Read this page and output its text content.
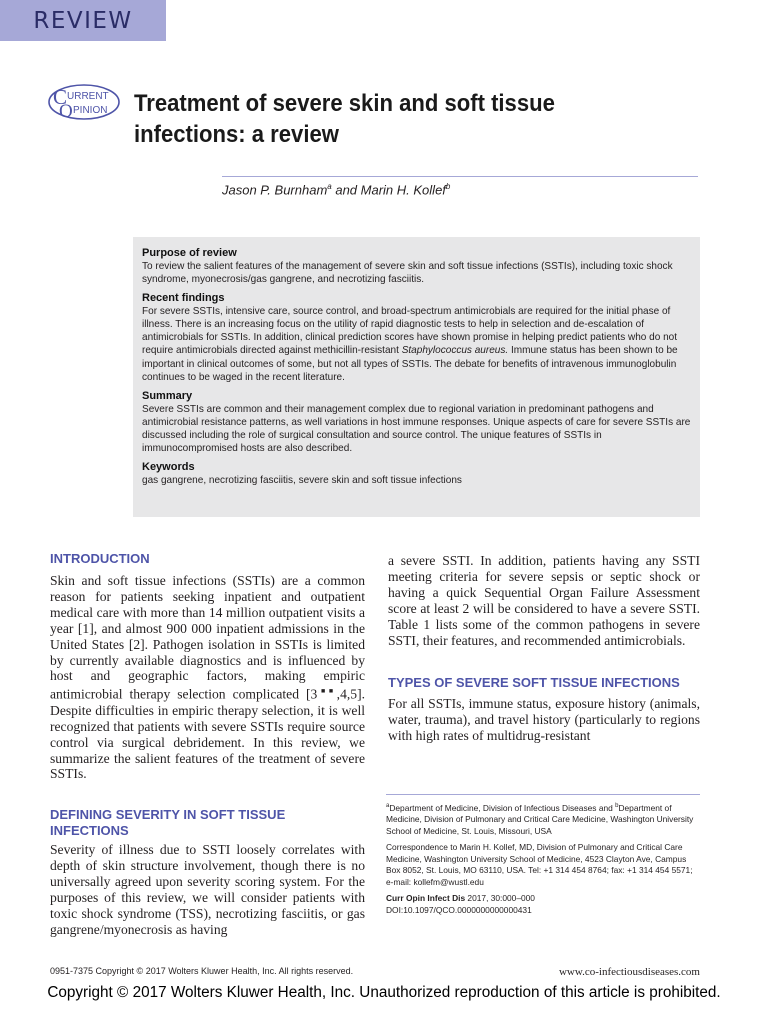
REVIEW
C URRENT
O PINION Treatment of severe skin and soft tissue
infections: a review
Jason P. Burnham$^a$ and Marin H. Kollef$^b$
Purpose of review
To review the salient features of the management of severe skin and soft tissue infections (SSTIs), including toxic shock syndrome, myonecrosis/gas gangrene, and necrotizing fasciitis.
Recent findings
For severe SSTIs, intensive care, source control, and broad-spectrum antimicrobials are required for the initial phase of illness. There is an increasing focus on the utility of rapid diagnostic tests to help in selection and de-escalation of antimicrobials for SSTIs. In addition, clinical prediction scores have shown promise in helping predict patients who do not require antimicrobials directed against methicillin-resistant Staphylococcus aureus. Immune status has been shown to be important in clinical outcomes of some, but not all types of SSTIs. The debate for benefits of intravenous immunoglobulin continues to be waged in the recent literature.
Summary
Severe SSTIs are common and their management complex due to regional variation in predominant pathogens and antimicrobial resistance patterns, as well variations in host immune responses. Unique aspects of care for severe SSTIs are discussed including the role of surgical consultation and source control. The unique features of SSTIs in immunocompromised hosts are also described.
Keywords
gas gangrene, necrotizing fasciitis, severe skin and soft tissue infections
INTRODUCTION

Skin and soft tissue infections (SSTIs) are a common reason for patients seeking inpatient and outpatient medical care with more than 14 million outpatient visits a year [1], and almost 900 000 inpatient admissions in the United States [2]. Pathogen isolation in SSTIs is limited by currently available diagnostics and is influenced by host and geographic factors, making empiric antimicrobial therapy selection complicated [3■■,4,5]. Despite difficulties in empiric therapy selection, it is well recognized that patients with severe SSTIs require source control via surgical debridement. In this review, we summarize the salient features of the treatment of severe SSTIs.

DEFINING SEVERITY IN SOFT TISSUE INFECTIONS

Severity of illness due to SSTI loosely correlates with depth of skin structure involvement, though there is no universally agreed upon severity scoring system. For the purposes of this review, we will consider patients with toxic shock syndrome (TSS), necrotizing fasciitis, or gas gangrene/myonecrosis as having

a severe SSTI. In addition, patients having any SSTI meeting criteria for severe sepsis or septic shock or having a quick Sequential Organ Failure Assessment score at least 2 will be considered to have a severe SSTI. Table 1 lists some of the common pathogens in severe SSTI, their features, and recommended antimicrobials.

TYPES OF SEVERE SOFT TISSUE INFECTIONS

For all SSTIs, immune status, exposure history (animals, water, trauma), and travel history (particularly to regions with high rates of multidrug-resistant

$^a$Department of Medicine, Division of Infectious Diseases and $^b$Department of Medicine, Division of Pulmonary and Critical Care Medicine, Washington University School of Medicine, St. Louis, Missouri, USA

Correspondence to Marin H. Kollef, MD, Division of Pulmonary and Critical Care Medicine, Washington University School of Medicine, 4523 Clayton Ave, Campus Box 8052, St. Louis, MO 63110, USA. Tel: +1 314 454 8764; fax: +1 314 454 5571; e-mail: kollefm@wustl.edu

Curr Opin Infect Dis 2017, 30:000–000

DOI:10.1097/QCO.0000000000000431

0951-7375 Copyright © 2017 Wolters Kluwer Health, Inc. All rights reserved.	www.co-infectiousdiseases.com
Copyright © 2017 Wolters Kluwer Health, Inc. Unauthorized reproduction of this article is prohibited.
